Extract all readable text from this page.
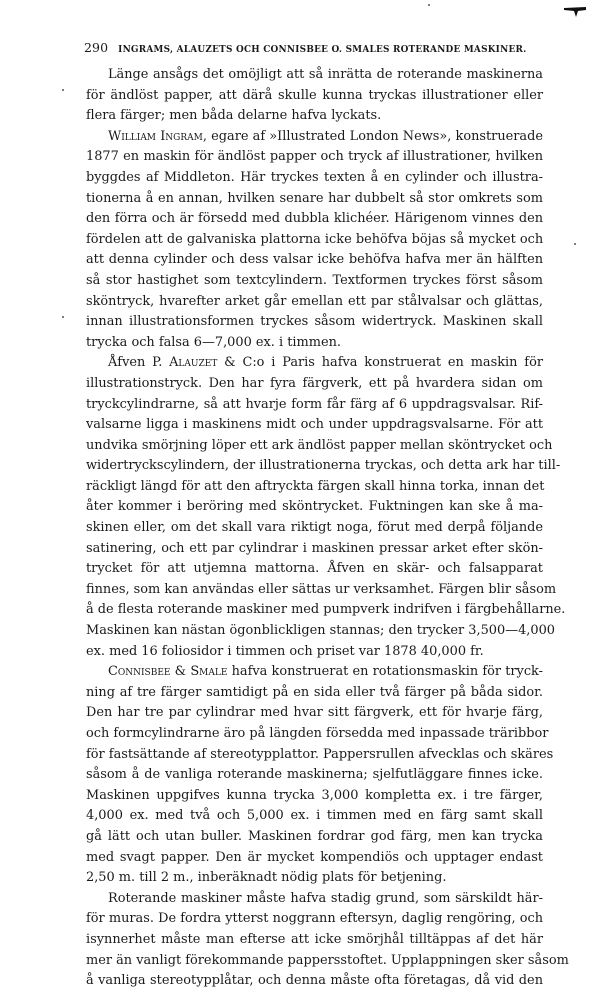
290 INGRAMS, ALAUZETS OCH CONNISBEE O. SMALES ROTERANDE MASKINER.
Länge ansågs det omöjligt att så inrätta de roterande maskinerna
för ändlöst papper, att därå skulle kunna tryckas illustrationer eller
flera färger; men båda delarne hafva lyckats.
William Ingram, egare af »Illustrated London News», konstruerade
1877 en maskin för ändlöst papper och tryck af illustrationer, hvilken
byggdes af Middleton. Här tryckes texten å en cylinder och illustra-
tionerna å en annan, hvilken senare har dubbelt så stor omkrets som
den förra och är försedd med dubbla klichéer. Härigenom vinnes den
fördelen att de galvaniska plattorna icke behöfva böjas så mycket och
att denna cylinder och dess valsar icke behöfva hafva mer än hälften
så stor hastighet som textcylindern. Textformen tryckes först såsom
sköntryck, hvarefter arket går emellan ett par stålvalsar och glättas,
innan illustrationsformen tryckes såsom widertryck. Maskinen skall
trycka och falsa 6—7,000 ex. i timmen.
Åfven P. Alauzet & C:o i Paris hafva konstruerat en maskin för
illustrationstryck. Den har fyra färgverk, ett på hvardera sidan om
tryckcylindrarne, så att hvarje form får färg af 6 uppdragsvalsar. Rif-
valsarne ligga i maskinens midt och under uppdragsvalsarne. För att
undvika smörjning löper ett ark ändlöst papper mellan sköntrycket och
widertryckscylindern, der illustrationerna tryckas, och detta ark har till-
räckligt längd för att den aftryckta färgen skall hinna torka, innan det
åter kommer i beröring med sköntrycket. Fuktningen kan ske å ma-
skinen eller, om det skall vara riktigt noga, förut med derpå följande
satinering, och ett par cylindrar i maskinen pressar arket efter skön-
trycket för att utjemna mattorna. Åfven en skär- och falsapparat
finnes, som kan användas eller sättas ur verksamhet. Färgen blir såsom
å de flesta roterande maskiner med pumpverk indrifven i färgbehållarne.
Maskinen kan nästan ögonblickligen stannas; den trycker 3,500—4,000
ex. med 16 foliosidor i timmen och priset var 1878 40,000 fr.
Connisbee & Smale hafva konstruerat en rotationsmaskin för tryck-
ning af tre färger samtidigt på en sida eller två färger på båda sidor.
Den har tre par cylindrar med hvar sitt färgverk, ett för hvarje färg,
och formcylindrarne äro på längden försedda med inpassade träribbor
för fastsättande af stereotypplattor. Pappersrullen afvecklas och skäres
såsom å de vanliga roterande maskinerna; sjelfutläggare finnes icke.
Maskinen uppgifves kunna trycka 3,000 kompletta ex. i tre färger,
4,000 ex. med två och 5,000 ex. i timmen med en färg samt skall
gå lätt och utan buller. Maskinen fordrar god färg, men kan trycka
med svagt papper. Den är mycket kompendiös och upptager endast
2,50 m. till 2 m., inberäknadt nödig plats för betjening.
Roterande maskiner måste hafva stadig grund, som särskildt här-
för muras. De fordra ytterst noggrann eftersyn, daglig rengöring, och
isynnerhet måste man efterse att icke smörjhål tilltäppas af det här
mer än vanligt förekommande pappersstoftet. Upplappningen sker såsom
å vanliga stereotypplåtar, och denna måste ofta företagas, då vid den
